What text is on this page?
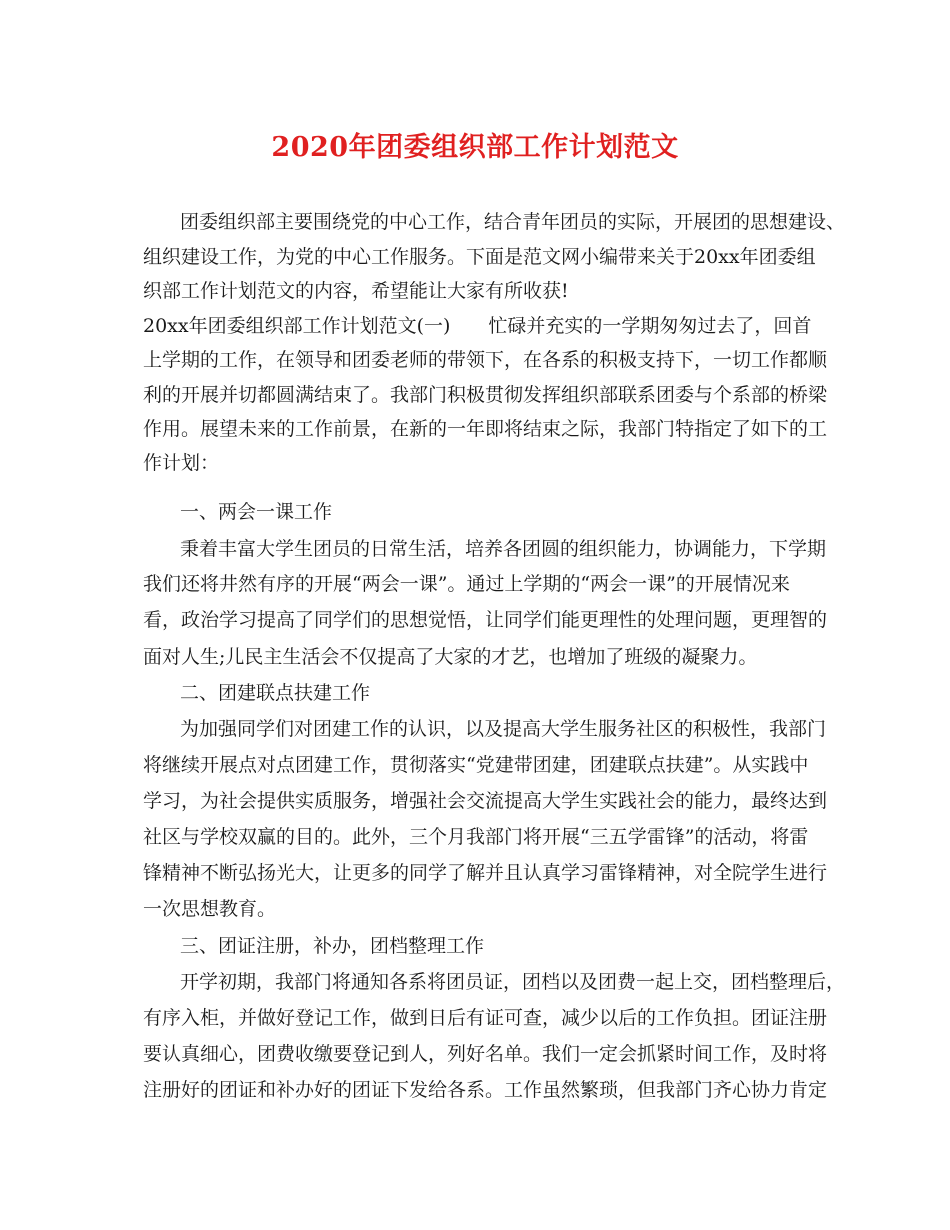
2020年团委组织部工作计划范文
团委组织部主要围绕党的中心工作，结合青年团员的实际，开展团的思想建设、
组织建设工作，为党的中心工作服务。下面是范文网小编带来关于20xx年团委组
织部工作计划范文的内容，希望能让大家有所收获!
20xx年团委组织部工作计划范文(一)　　忙碌并充实的一学期匆匆过去了，回首
上学期的工作，在领导和团委老师的带领下，在各系的积极支持下，一切工作都顺
利的开展并切都圆满结束了。我部门积极贯彻发挥组织部联系团委与个系部的桥梁
作用。展望未来的工作前景，在新的一年即将结束之际，我部门特指定了如下的工
作计划：
一、两会一课工作
秉着丰富大学生团员的日常生活，培养各团圆的组织能力，协调能力，下学期
我们还将井然有序的开展“两会一课”。通过上学期的“两会一课”的开展情况来
看，政治学习提高了同学们的思想觉悟，让同学们能更理性的处理问题，更理智的
面对人生;儿民主生活会不仅提高了大家的才艺，也增加了班级的凝聚力。
二、团建联点扶建工作
为加强同学们对团建工作的认识，以及提高大学生服务社区的积极性，我部门
将继续开展点对点团建工作，贯彻落实“党建带团建，团建联点扶建”。从实践中
学习，为社会提供实质服务，增强社会交流提高大学生实践社会的能力，最终达到
社区与学校双赢的目的。此外，三个月我部门将开展“三五学雷锋”的活动，将雷
锋精神不断弘扬光大，让更多的同学了解并且认真学习雷锋精神，对全院学生进行
一次思想教育。
三、团证注册，补办，团档整理工作
开学初期，我部门将通知各系将团员证，团档以及团费一起上交，团档整理后，
有序入柜，并做好登记工作，做到日后有证可查，减少以后的工作负担。团证注册
要认真细心，团费收缴要登记到人，列好名单。我们一定会抓紧时间工作，及时将
注册好的团证和补办好的团证下发给各系。工作虽然繁琐，但我部门齐心协力肯定
